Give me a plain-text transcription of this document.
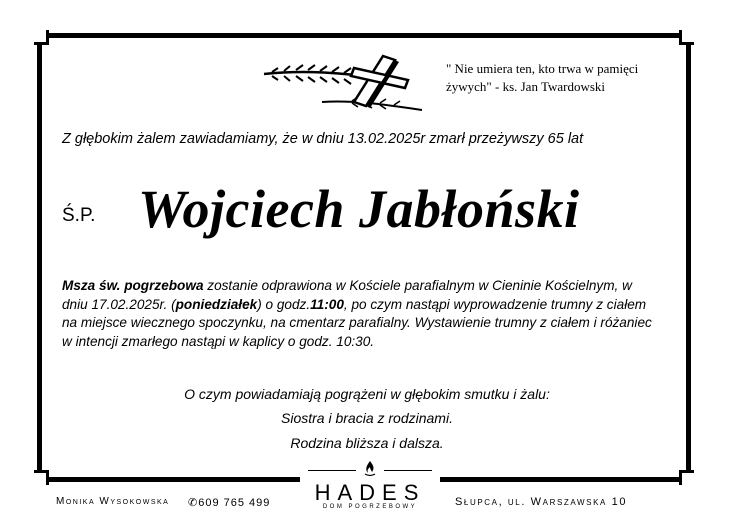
" Nie umiera ten, kto trwa w pamięci
żywych" - ks. Jan Twardowski
Z głębokim żalem zawiadamiamy, że w dniu 13.02.2025r zmarł przeżywszy 65 lat
Ś.P. Wojciech Jabłoński
Msza św. pogrzebowa zostanie odprawiona w Kościele parafialnym w Cieninie Kościelnym, w dniu 17.02.2025r. (poniedziałek) o godz.11:00, po czym nastąpi wyprowadzenie trumny z ciałem na miejsce wiecznego spoczynku, na cmentarz parafialny. Wystawienie trumny z ciałem i różaniec w intencji zmarłego nastąpi w kaplicy o godz. 10:30.
O czym powiadamiają pogrążeni w głębokim smutku i żalu:
Siostra i bracia z rodzinami.
Rodzina bliższa i dalsza.
Monika Wysokowska ✆609 765 499	Słupca, ul. Warszawska 10
HADES
DOM POGRZEBOWY
